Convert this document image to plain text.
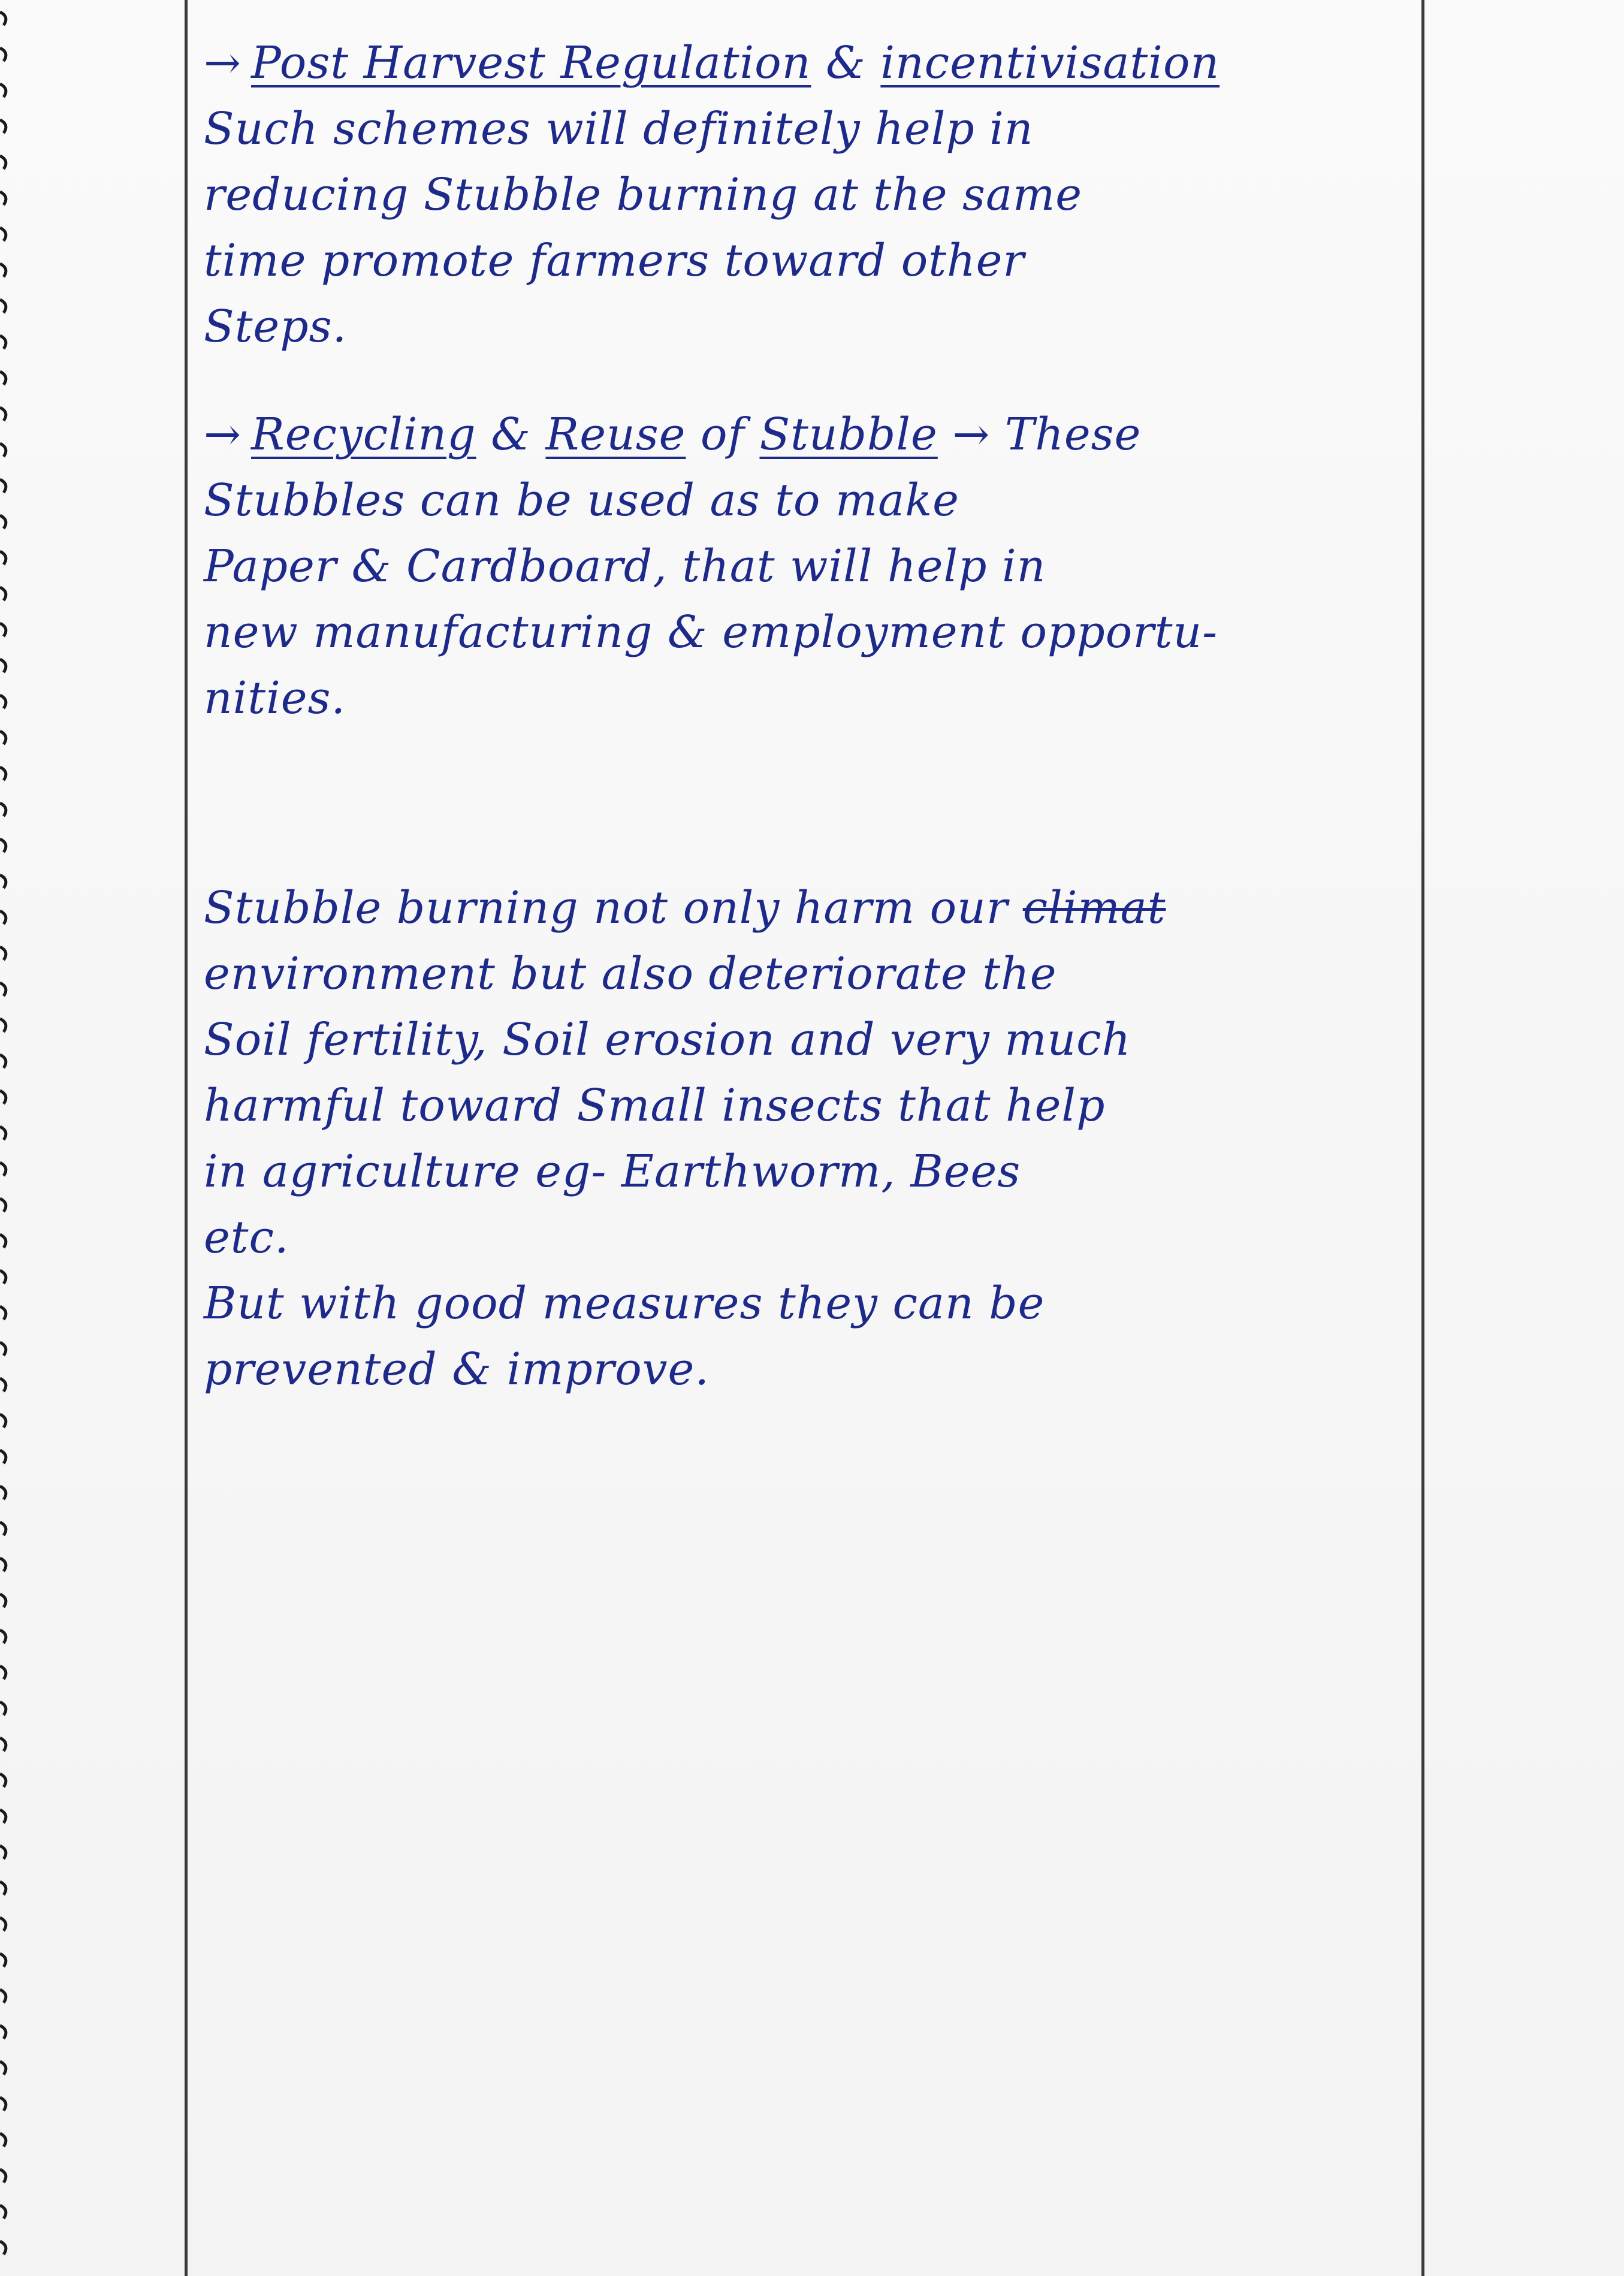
→ Post Harvest Regulation & incentivisation
Such schemes will definitely help in
reducing Stubble burning at the same
time promote farmers toward other
Steps.
→ Recycling & Reuse of Stubble → These
Stubbles can be used as to make
Paper & Cardboard, that will help in
new manufacturing & employment opportu-
nities.
Stubble burning not only harm our climat
environment but also deteriorate the
Soil fertility, Soil erosion and very much
harmful toward Small insects that help
in agriculture eg- Earthworm, Bees
etc.
But with good measures they can be
prevented & improve.
